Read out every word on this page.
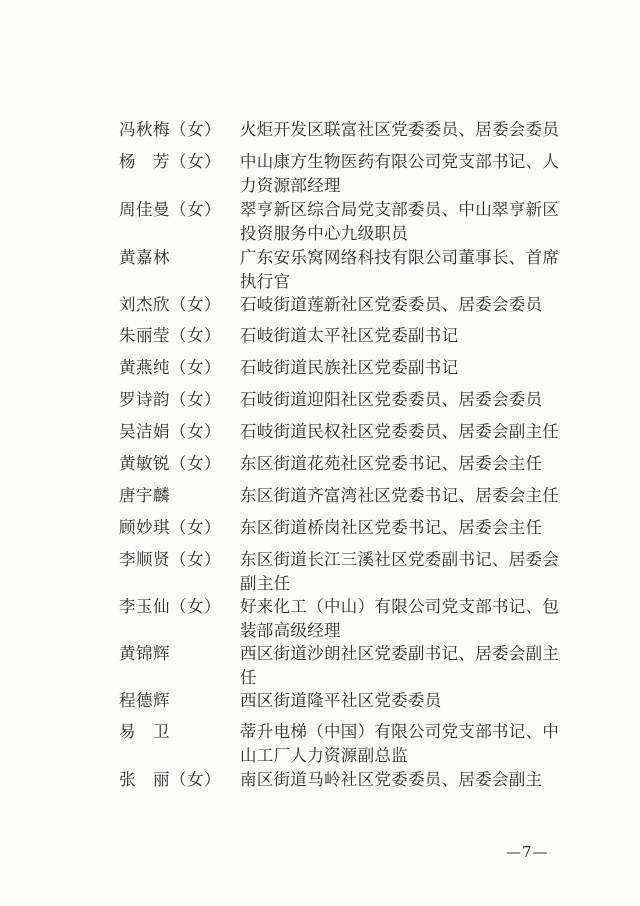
冯秋梅（女）	火炬开发区联富社区党委委员、居委会委员
杨　芳（女）	中山康方生物医药有限公司党支部书记、人
力资源部经理
周佳曼（女）	翠亨新区综合局党支部委员、中山翠亨新区
投资服务中心九级职员
黄嘉林	广东安乐窝网络科技有限公司董事长、首席
执行官
刘杰欣（女）	石岐街道莲新社区党委委员、居委会委员
朱丽莹（女）	石岐街道太平社区党委副书记
黄燕纯（女）	石岐街道民族社区党委副书记
罗诗韵（女）	石岐街道迎阳社区党委委员、居委会委员
吴洁娟（女）	石岐街道民权社区党委委员、居委会副主任
黄敏锐（女）	东区街道花苑社区党委书记、居委会主任
唐宇麟	东区街道齐富湾社区党委书记、居委会主任
顾妙琪（女）	东区街道桥岗社区党委书记、居委会主任
李顺贤（女）	东区街道长江三溪社区党委副书记、居委会
副主任
李玉仙（女）	好来化工（中山）有限公司党支部书记、包
装部高级经理
黄锦辉	西区街道沙朗社区党委副书记、居委会副主
任
程德辉	西区街道隆平社区党委委员
易　卫	蒂升电梯（中国）有限公司党支部书记、中
山工厂人力资源副总监
张　丽（女）	南区街道马岭社区党委委员、居委会副主
—7—
